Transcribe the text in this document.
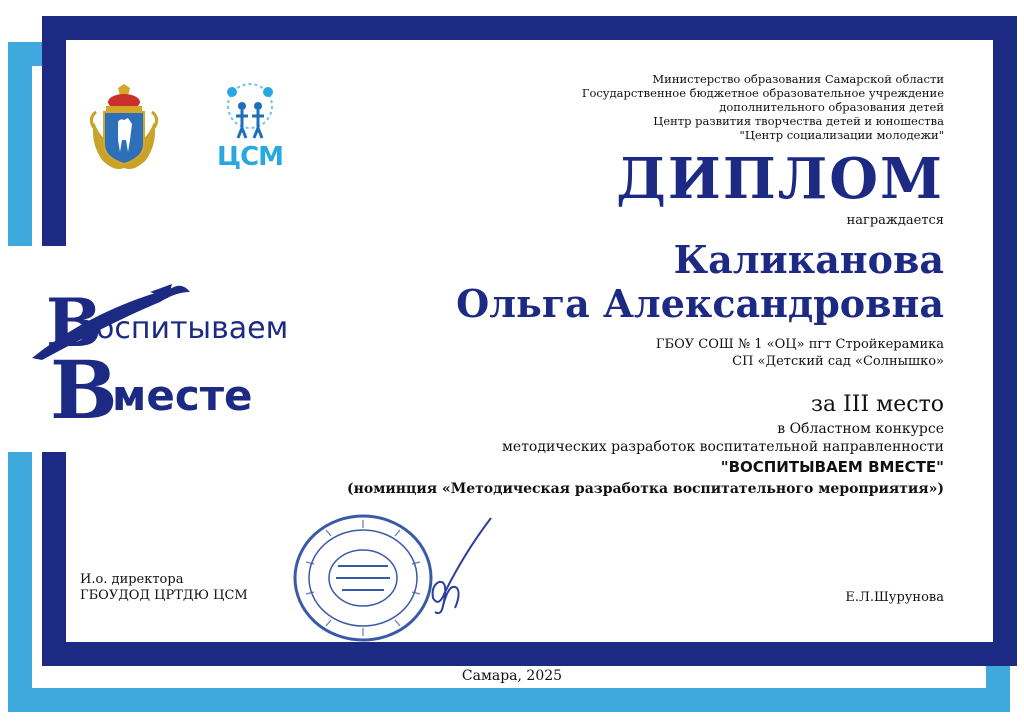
ЦСМ
Министерство образования Самарской области
Государственное бюджетное образовательное учреждение
дополнительного образования детей
Центр развития творчества детей и юношества
"Центр социализации молодежи"
ДИПЛОМ
награждается
Каликанова
Ольга Александровна
ГБОУ СОШ № 1 «ОЦ» пгт Стройкерамика
СП «Детский сад «Солнышко»
за III место
в Областном конкурсе
методических разработок воспитательной направленности
"ВОСПИТЫВАЕМ ВМЕСТЕ"
(номинция «Методическая разработка воспитательного мероприятия»)
В
оспитываем
В
месте
И.о. директора
ГБОУДОД ЦРТДЮ ЦСМ	Е.Л.Шурунова
Самара, 2025
